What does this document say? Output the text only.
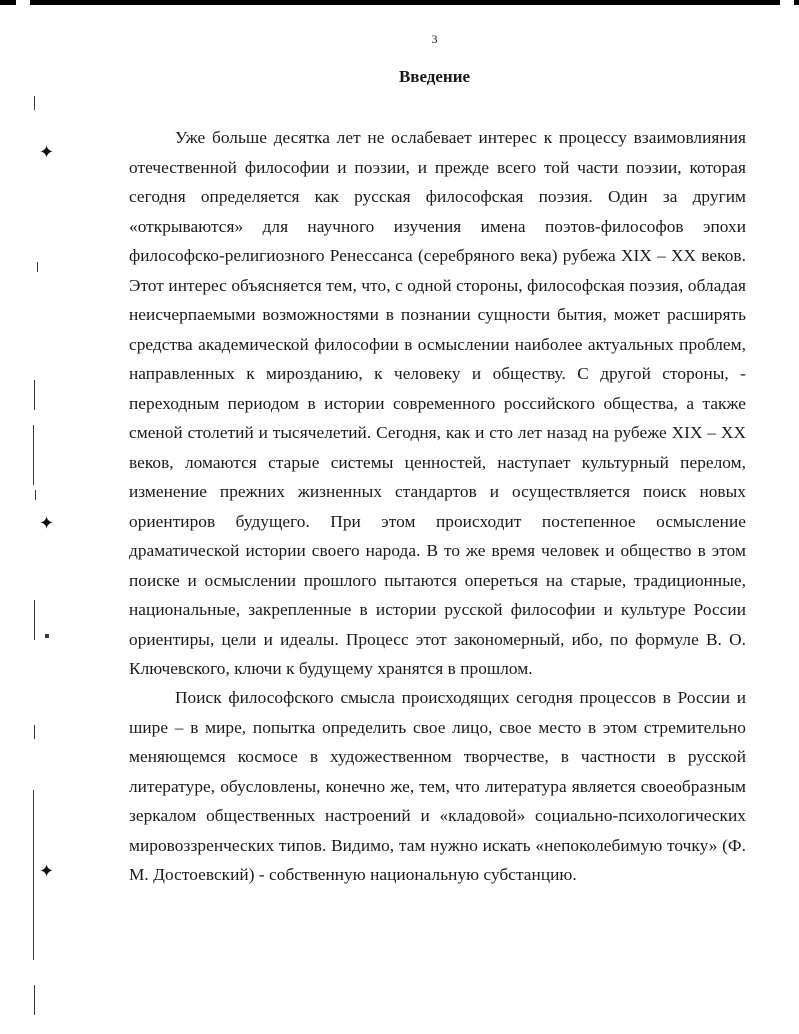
✦
✦
✦
3
Введение

Уже больше десятка лет не ослабевает интерес к процессу взаимовлияния отечественной философии и поэзии, и прежде всего той части поэзии, которая сегодня определяется как русская философская поэзия. Один за другим «открываются» для научного изучения имена поэтов-философов эпохи философско-религиозного Ренессанса (серебряного века) рубежа XIX – XX веков. Этот интерес объясняется тем, что, с одной стороны, философская поэзия, обладая неисчерпаемыми возможностями в познании сущности бытия, может расширять средства академической философии в осмыслении наиболее актуальных проблем, направленных к мирозданию, к человеку и обществу. С другой стороны, - переходным периодом в истории современного российского общества, а также сменой столетий и тысячелетий. Сегодня, как и сто лет назад на рубеже XIX – XX веков, ломаются старые системы ценностей, наступает культурный перелом, изменение прежних жизненных стандартов и осуществляется поиск новых ориентиров будущего. При этом происходит постепенное осмысление драматической истории своего народа. В то же время человек и общество в этом поиске и осмыслении прошлого пытаются опереться на старые, традиционные, национальные, закрепленные в истории русской философии и культуре России ориентиры, цели и идеалы. Процесс этот закономерный, ибо, по формуле В. О. Ключевского, ключи к будущему хранятся в прошлом.

Поиск философского смысла происходящих сегодня процессов в России и шире – в мире, попытка определить свое лицо, свое место в этом стремительно меняющемся космосе в художественном творчестве, в частности в русской литературе, обусловлены, конечно же, тем, что литература является своеобразным зеркалом общественных настроений и «кладовой» социально-психологических мировоззренческих типов. Видимо, там нужно искать «непоколебимую точку» (Ф. М. Достоевский) - собственную национальную субстанцию.
